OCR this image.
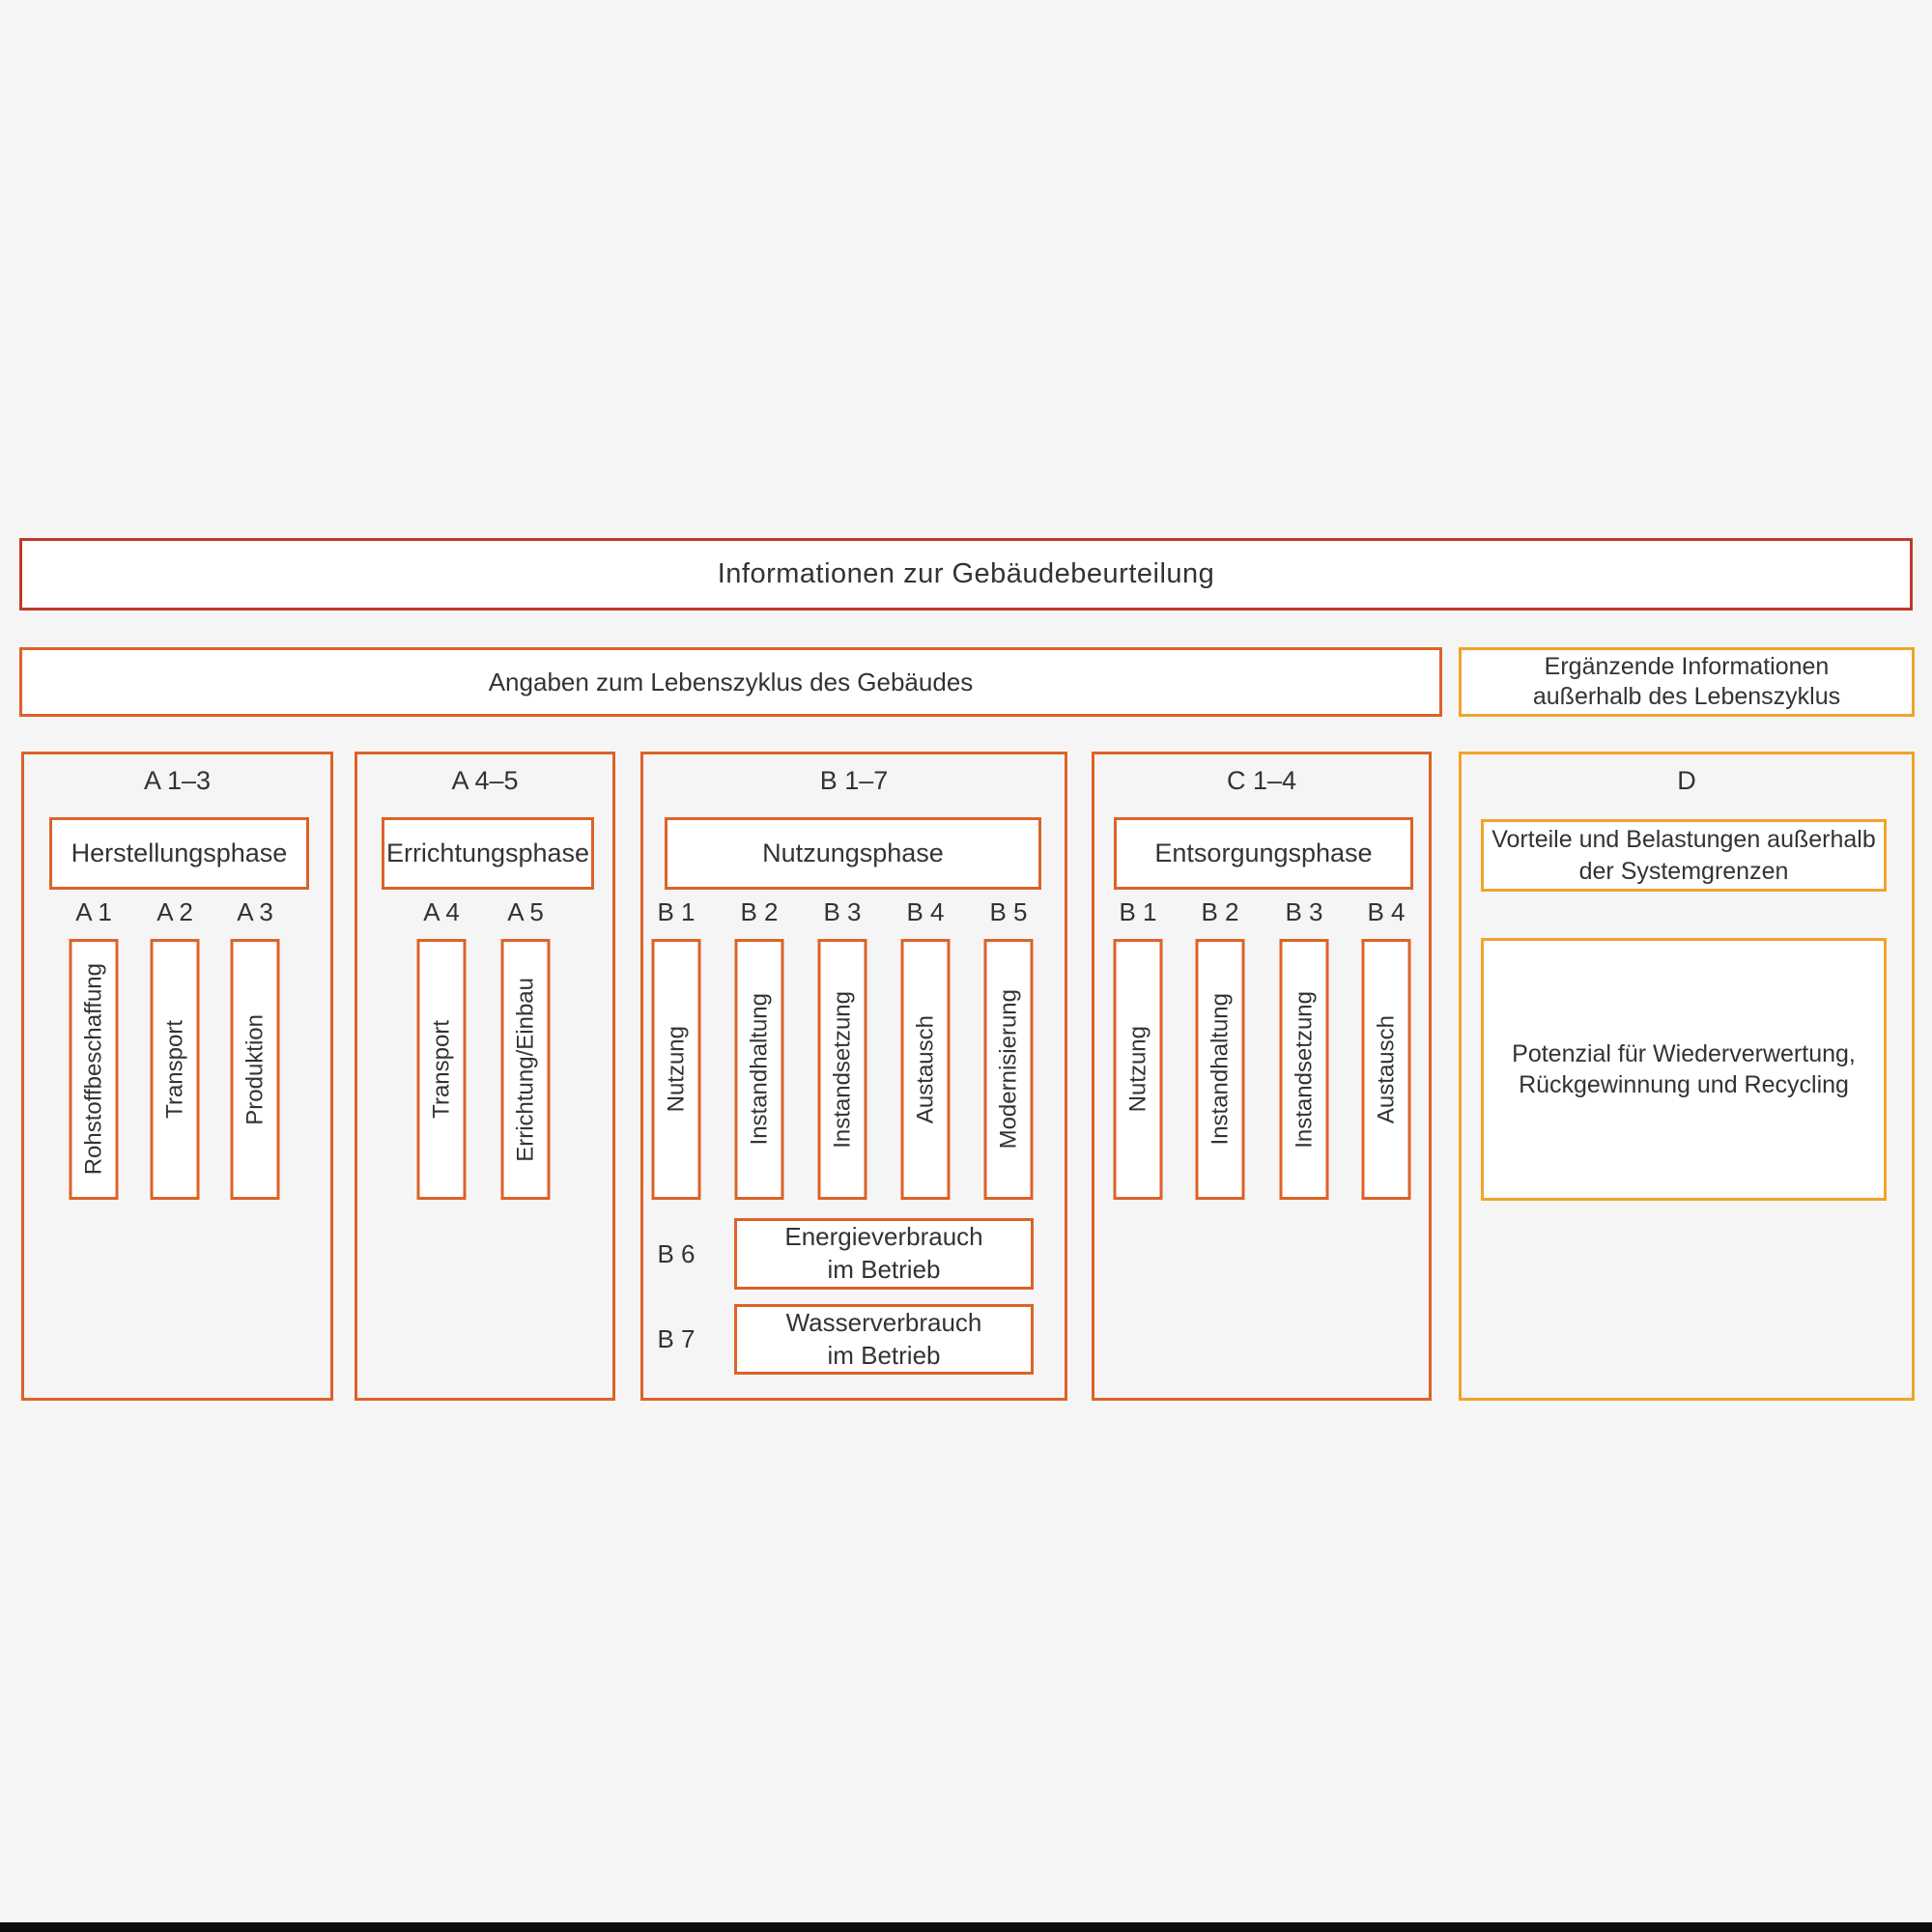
Informationen zur Gebäudebeurteilung
Angaben zum Lebenszyklus des Gebäudes
Ergänzende Informationen
außerhalb des Lebenszyklus
A 1–3
Herstellungsphase
A 1 A 2 A 3
Rohstoffbeschaffung Transport Produktion
A 4–5
Errichtungsphase
A 4 A 5
Transport	Errichtung/Einbau
B 1–7
Nutzungsphase
B 1 B 2 B 3 B 4 B 5
Nutzung Instandhaltung Instandsetzung Austausch Modernisierung
B 6
Energieverbrauch
im Betrieb
B 7
Wasserverbrauch
im Betrieb
C 1–4
Entsorgungsphase
B 1 B 2 B 3 B 4
Nutzung Instandhaltung	Instandsetzung Austausch
D
Vorteile und Belastungen außerhalb
der Systemgrenzen
Potenzial für Wiederverwertung,
Rückgewinnung und Recycling
